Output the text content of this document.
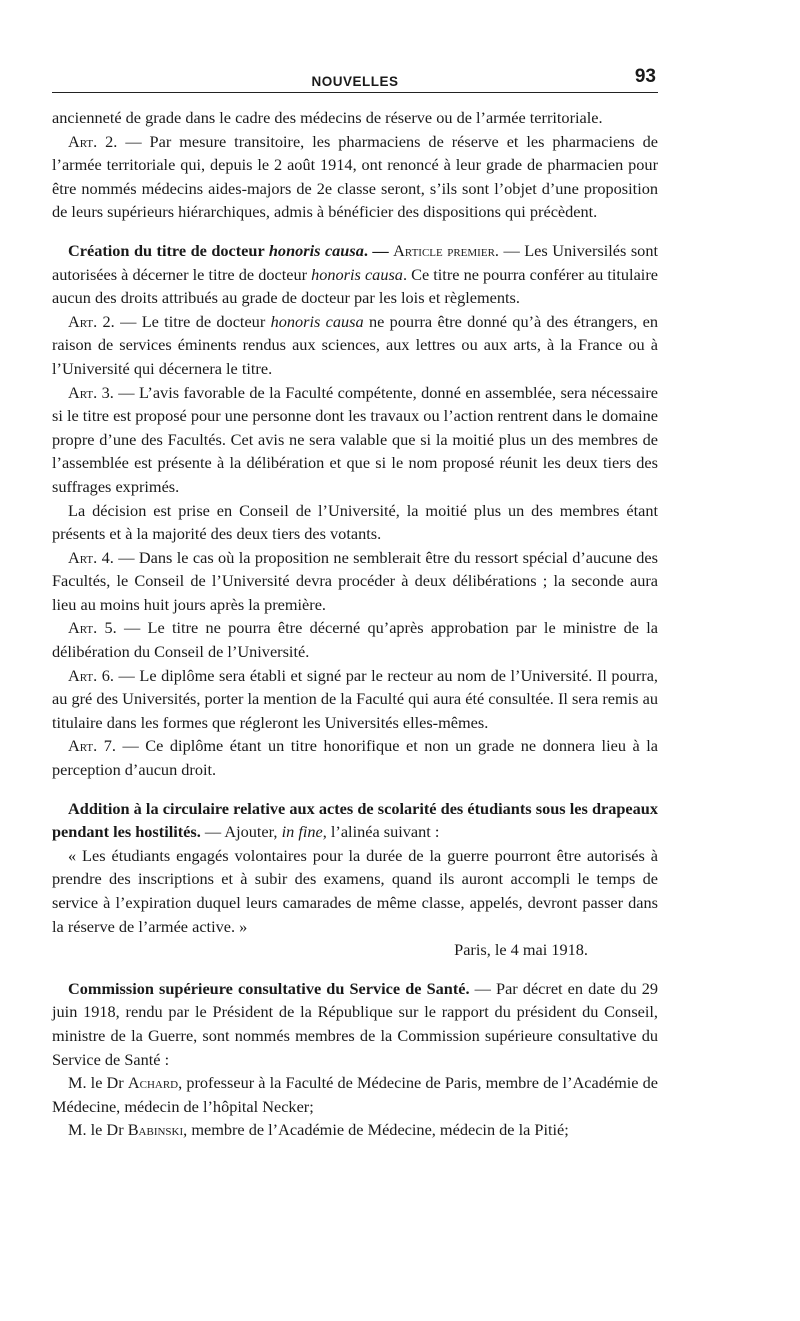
NOUVELLES	93

ancienneté de grade dans le cadre des médecins de réserve ou de l’armée territoriale.

Art. 2. — Par mesure transitoire, les pharmaciens de réserve et les pharmaciens de l’armée territoriale qui, depuis le 2 août 1914, ont renoncé à leur grade de pharmacien pour être nommés médecins aides-majors de 2e classe seront, s’ils sont l’objet d’une proposition de leurs supérieurs hiérarchiques, admis à bénéficier des dispositions qui précèdent.

Création du titre de docteur honoris causa. — Article premier. — Les Universilés sont autorisées à décerner le titre de docteur honoris causa. Ce titre ne pourra conférer au titulaire aucun des droits attribués au grade de docteur par les lois et règlements.

Art. 2. — Le titre de docteur honoris causa ne pourra être donné qu’à des étrangers, en raison de services éminents rendus aux sciences, aux lettres ou aux arts, à la France ou à l’Université qui décernera le titre.

Art. 3. — L’avis favorable de la Faculté compétente, donné en assemblée, sera nécessaire si le titre est proposé pour une personne dont les travaux ou l’action rentrent dans le domaine propre d’une des Facultés. Cet avis ne sera valable que si la moitié plus un des membres de l’assemblée est présente à la délibération et que si le nom proposé réunit les deux tiers des suffrages exprimés.

La décision est prise en Conseil de l’Université, la moitié plus un des membres étant présents et à la majorité des deux tiers des votants.

Art. 4. — Dans le cas où la proposition ne semblerait être du ressort spécial d’aucune des Facultés, le Conseil de l’Université devra procéder à deux délibérations ; la seconde aura lieu au moins huit jours après la première.

Art. 5. — Le titre ne pourra être décerné qu’après approbation par le ministre de la délibération du Conseil de l’Université.

Art. 6. — Le diplôme sera établi et signé par le recteur au nom de l’Université. Il pourra, au gré des Universités, porter la mention de la Faculté qui aura été consultée. Il sera remis au titulaire dans les formes que régleront les Universités elles-mêmes.

Art. 7. — Ce diplôme étant un titre honorifique et non un grade ne donnera lieu à la perception d’aucun droit.

Addition à la circulaire relative aux actes de scolarité des étudiants sous les drapeaux pendant les hostilités. — Ajouter, in fine, l’alinéa suivant :

« Les étudiants engagés volontaires pour la durée de la guerre pourront être autorisés à prendre des inscriptions et à subir des examens, quand ils auront accompli le temps de service à l’expiration duquel leurs camarades de même classe, appelés, devront passer dans la réserve de l’armée active. »

Paris, le 4 mai 1918.

Commission supérieure consultative du Service de Santé. — Par décret en date du 29 juin 1918, rendu par le Président de la République sur le rapport du président du Conseil, ministre de la Guerre, sont nommés membres de la Commission supérieure consultative du Service de Santé :

M. le Dr Achard, professeur à la Faculté de Médecine de Paris, membre de l’Académie de Médecine, médecin de l’hôpital Necker;

M. le Dr Babinski, membre de l’Académie de Médecine, médecin de la Pitié;
